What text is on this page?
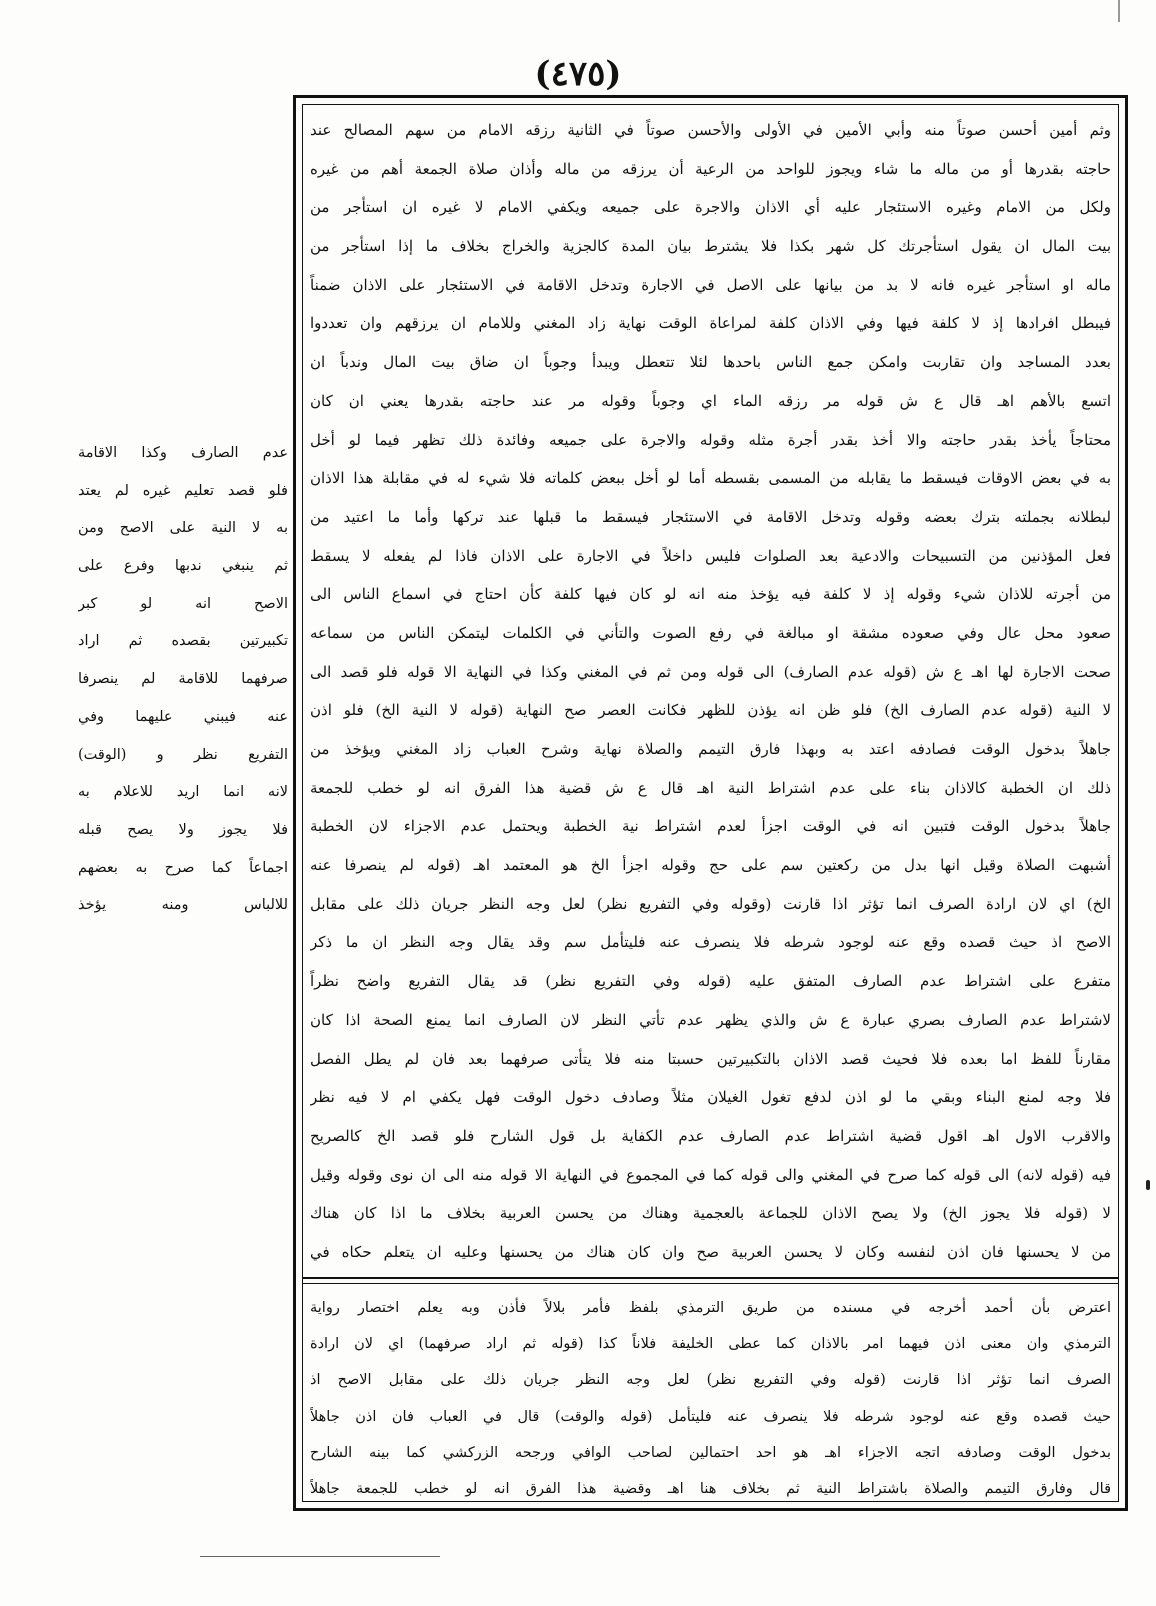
(٤٧٥)

عدم الصارف وكذا الاقامة

فلو قصد تعليم غيره لم يعتد

به لا النية على الاصح ومن

ثم ينبغي ندبها وفرع على

الاصح انه لو كبر

تكبيرتين بقصده ثم اراد

صرفهما للاقامة لم ينصرفا

عنه فيبني عليهما وفي

التفريع نظر و (الوقت)

لانه انما اريد للاعلام به

فلا يجوز ولا يصح قبله

اجماعاً كما صرح به بعضهم

للالباس ومنه يؤخذ

وثم أمين أحسن صوتاً منه وأبي الأمين في الأولى والأحسن صوتاً في الثانية رزقه الامام من سهم المصالح عند

حاجته بقدرها أو من ماله ما شاء ويجوز للواحد من الرعية أن يرزقه من ماله وأذان صلاة الجمعة أهم من غيره

ولكل من الامام وغيره الاستئجار عليه أي الاذان والاجرة على جميعه ويكفي الامام لا غيره ان استأجر من

بيت المال ان يقول استأجرتك كل شهر بكذا فلا يشترط بيان المدة كالجزية والخراج بخلاف ما إذا استأجر من

ماله او استأجر غيره فانه لا بد من بيانها على الاصل في الاجارة وتدخل الاقامة في الاستئجار على الاذان ضمناً

فيبطل افرادها إذ لا كلفة فيها وفي الاذان كلفة لمراعاة الوقت نهاية زاد المغني وللامام ان يرزقهم وان تعددوا

بعدد المساجد وان تقاربت وامكن جمع الناس باحدها لئلا تتعطل ويبدأ وجوباً ان ضاق بيت المال وندباً ان

اتسع بالأهم اهـ قال ع ش قوله مر رزقه الماء اي وجوباً وقوله مر عند حاجته بقدرها يعني ان كان

محتاجاً يأخذ بقدر حاجته والا أخذ بقدر أجرة مثله وقوله والاجرة على جميعه وفائدة ذلك تظهر فيما لو أخل

به في بعض الاوقات فيسقط ما يقابله من المسمى بقسطه أما لو أخل ببعض كلماته فلا شيء له في مقابلة هذا الاذان

لبطلانه بجملته بترك بعضه وقوله وتدخل الاقامة في الاستئجار فيسقط ما قبلها عند تركها وأما ما اعتيد من

فعل المؤذنين من التسبيحات والادعية بعد الصلوات فليس داخلاً في الاجارة على الاذان فاذا لم يفعله لا يسقط

من أجرته للاذان شيء وقوله إذ لا كلفة فيه يؤخذ منه انه لو كان فيها كلفة كأن احتاج في اسماع الناس الى

صعود محل عال وفي صعوده مشقة او مبالغة في رفع الصوت والتأني في الكلمات ليتمكن الناس من سماعه

صحت الاجارة لها اهـ ع ش (قوله عدم الصارف) الى قوله ومن ثم في المغني وكذا في النهاية الا قوله فلو قصد الى

لا النية (قوله عدم الصارف الخ) فلو ظن انه يؤذن للظهر فكانت العصر صح النهاية (قوله لا النية الخ) فلو اذن

جاهلاً بدخول الوقت فصادفه اعتد به وبهذا فارق التيمم والصلاة نهاية وشرح العباب زاد المغني ويؤخذ من

ذلك ان الخطبة كالاذان بناء على عدم اشتراط النية اهـ قال ع ش قضية هذا الفرق انه لو خطب للجمعة

جاهلاً بدخول الوقت فتبين انه في الوقت اجزأ لعدم اشتراط نية الخطبة ويحتمل عدم الاجزاء لان الخطبة

أشبهت الصلاة وقيل انها بدل من ركعتين سم على حج وقوله اجزأ الخ هو المعتمد اهـ (قوله لم ينصرفا عنه

الخ) اي لان ارادة الصرف انما تؤثر اذا قارنت (وقوله وفي التفريع نظر) لعل وجه النظر جريان ذلك على مقابل

الاصح اذ حيث قصده وقع عنه لوجود شرطه فلا ينصرف عنه فليتأمل سم وقد يقال وجه النظر ان ما ذكر

متفرع على اشتراط عدم الصارف المتفق عليه (قوله وفي التفريع نظر) قد يقال التفريع واضح نظراً

لاشتراط عدم الصارف بصري عبارة ع ش والذي يظهر عدم تأتي النظر لان الصارف انما يمنع الصحة اذا كان

مقارناً للفظ اما بعده فلا فحيث قصد الاذان بالتكبيرتين حسبتا منه فلا يتأتى صرفهما بعد فان لم يطل الفصل

فلا وجه لمنع البناء وبقي ما لو اذن لدفع تغول الغيلان مثلاً وصادف دخول الوقت فهل يكفي ام لا فيه نظر

والاقرب الاول اهـ اقول قضية اشتراط عدم الصارف عدم الكفاية بل قول الشارح فلو قصد الخ كالصريح

فيه (قوله لانه) الى قوله كما صرح في المغني والى قوله كما في المجموع في النهاية الا قوله منه الى ان نوى وقوله وقيل

لا (قوله فلا يجوز الخ) ولا يصح الاذان للجماعة بالعجمية وهناك من يحسن العربية بخلاف ما اذا كان هناك

من لا يحسنها فان اذن لنفسه وكان لا يحسن العربية صح وان كان هناك من يحسنها وعليه ان يتعلم حكاه في

اعترض بأن أحمد أخرجه في مسنده من طريق الترمذي بلفظ فأمر بلالاً فأذن وبه يعلم اختصار رواية

الترمذي وان معنى اذن فيهما امر بالاذان كما عطى الخليفة فلاناً كذا (قوله ثم اراد صرفهما) اي لان ارادة

الصرف انما تؤثر اذا قارنت (قوله وفي التفريع نظر) لعل وجه النظر جريان ذلك على مقابل الاصح اذ

حيث قصده وقع عنه لوجود شرطه فلا ينصرف عنه فليتأمل (قوله والوقت) قال في العباب فان اذن جاهلاً

بدخول الوقت وصادفه اتجه الاجزاء اهـ هو احد احتمالين لصاحب الوافي ورجحه الزركشي كما بينه الشارح

قال وفارق التيمم والصلاة باشتراط النية ثم بخلاف هنا اهـ وقضية هذا الفرق انه لو خطب للجمعة جاهلاً
